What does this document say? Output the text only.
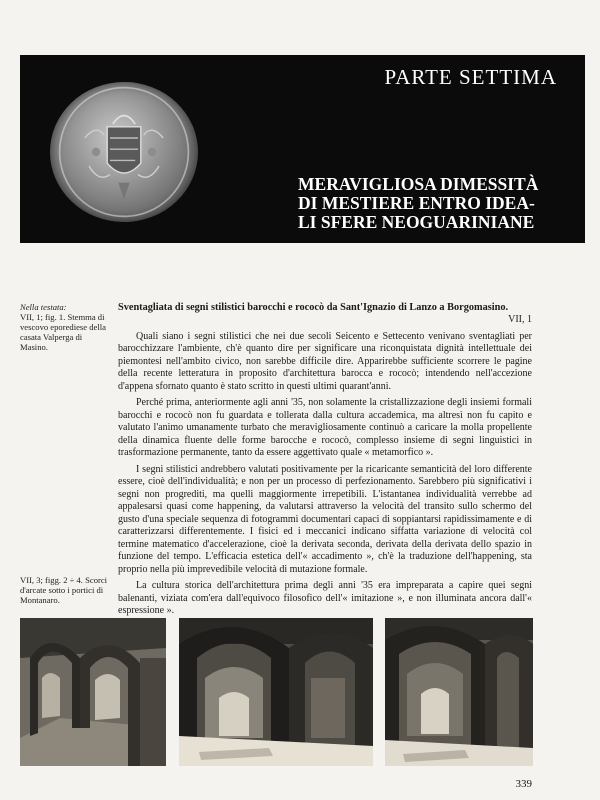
PARTE SETTIMA
MERAVIGLIOSA DIMESSITÀ
DI MESTIERE ENTRO IDEA-
LI SFERE NEOGUARINIANE
Nella testata:
VII, 1; fig. 1. Stemma di vescovo eporediese della casata Valperga di Masino.
VII, 3; figg. 2 ÷ 4. Scorci d'arcate sotto i portici di Montanaro.
Sventagliata di segni stilistici barocchi e rococò da Sant'Ignazio di Lanzo a Borgomasino.
VII, 1

Quali siano i segni stilistici che nei due secoli Seicento e Settecento venivano sventagliati per barocchizzare l'ambiente, ch'è quanto dire per significare una riconquistata dignità intellettuale dei piemontesi nell'ambito civico, non sarebbe difficile dire. Apparirebbe sufficiente scorrere le pagine della recente letteratura in proposito d'architettura barocca e rococò; intendendo nell'accezione d'appena sfornato quanto è stato scritto in questi ultimi quarant'anni.

Perché prima, anteriormente agli anni '35, non solamente la cristallizzazione degli insiemi formali barocchi e rococò non fu guardata e tollerata dalla cultura accademica, ma altresì non fu capito e valutato l'animo umanamente turbato che meravigliosamente continuò a caricare la molla propellente della dinamica fluente delle forme barocche e rococò, complesso insieme di segni linguistici in trasformazione permanente, tanto da essere aggettivato quale « metamorfico ».

I segni stilistici andrebbero valutati positivamente per la ricaricante semanticità del loro differente essere, cioè dell'individualità; e non per un processo di perfezionamento. Sarebbero più significativi i segni non progrediti, ma quelli maggiormente irrepetibili. L'istantanea individualità verrebbe ad appalesarsi quasi come happening, da valutarsi attraverso la velocità del transito sullo schermo del gusto d'una speciale sequenza di fotogrammi documentari capaci di soppiantarsi rapidissimamente e di caratterizzarsi differentemente. I fisici ed i meccanici indicano siffatta variazione di velocità col termine matematico d'accelerazione, cioè la derivata seconda, derivata della derivata dello spazio in funzione del tempo. L'efficacia estetica dell'« accadimento », ch'è la traduzione dell'happening, sta proprio nella più imprevedibile velocità di mutazione formale.

La cultura storica dell'architettura prima degli anni '35 era impreparata a capire quei segni balenanti, viziata com'era dall'equivoco filosofico dell'« imitazione », e non illuminata ancora dall'« espressione ».

339
